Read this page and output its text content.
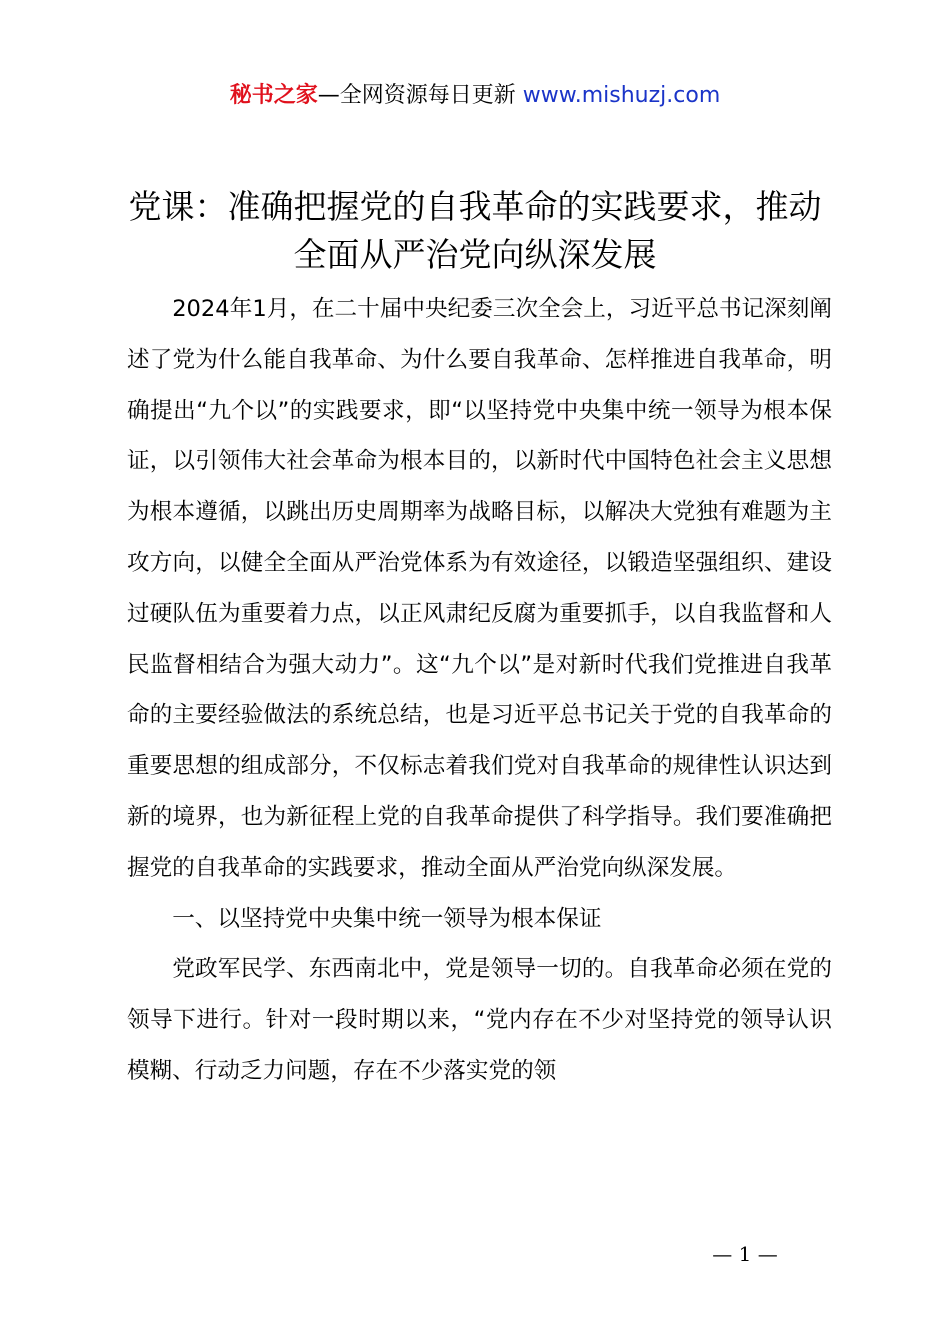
秘书之家—全网资源每日更新 www.mishuzj.com
党课：准确把握党的自我革命的实践要求，推动全面从严治党向纵深发展

2024年1月，在二十届中央纪委三次全会上，习近平总书记深刻阐述了党为什么能自我革命、为什么要自我革命、怎样推进自我革命，明确提出“九个以”的实践要求，即“以坚持党中央集中统一领导为根本保证，以引领伟大社会革命为根本目的，以新时代中国特色社会主义思想为根本遵循，以跳出历史周期率为战略目标，以解决大党独有难题为主攻方向，以健全全面从严治党体系为有效途径，以锻造坚强组织、建设过硬队伍为重要着力点，以正风肃纪反腐为重要抓手，以自我监督和人民监督相结合为强大动力”。这“九个以”是对新时代我们党推进自我革命的主要经验做法的系统总结，也是习近平总书记关于党的自我革命的重要思想的组成部分，不仅标志着我们党对自我革命的规律性认识达到新的境界，也为新征程上党的自我革命提供了科学指导。我们要准确把握党的自我革命的实践要求，推动全面从严治党向纵深发展。

一、以坚持党中央集中统一领导为根本保证

党政军民学、东西南北中，党是领导一切的。自我革命必须在党的领导下进行。针对一段时期以来，“党内存在不少对坚持党的领导认识模糊、行动乏力问题，存在不少落实党的领

— 1 —
